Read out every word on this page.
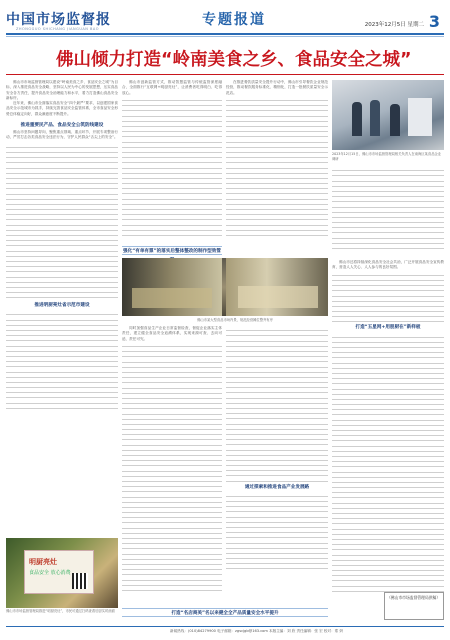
中国市场监督报
ZHONGGUO SHICHANG JIANGUAN BAO
专题报道	2023年12月5日 星期二 3
佛山倾力打造“岭南美食之乡、食品安全之城”

佛山市市场监督管理局以建设“岭南美食之乡、食品安全之城”为目标，深入推进食品安全战略，坚持以人民为中心的发展思想，压实食品安全各方责任，提升食品安全治理能力和水平，着力打造佛山食品安全新标杆。

近年来，佛山市全面落实食品安全“四个最严”要求，以创建国家食品安全示范城市为抓手，持续完善食品安全监管体系，全市食品安全形势总体稳定向好，群众满意度不断提升。

推进重要民产品、食品安全公筑防线建设

佛山市坚持问题导向，聚焦重点领域、重点环节，开展专项整治行动，严厉打击各类食品安全违法行为，守护人民群众“舌尖上的安全”。

推进明厨亮灶省示范市建设
明厨亮灶
食品安全 放心消费
佛山市市场监督管理局推进“明厨亮灶”，市民可通过扫码查看后厨实时画面

佛山市创新监管方式，推动智慧监管与传统监管深度融合，全面推行“互联网+明厨亮灶”，让消费者吃得明白、吃得放心。

在推进餐饮质量安全提升行动中，佛山市引导餐饮企业规范经营，推动餐饮服务标准化、精细化，打造一批餐饮质量安全示范店。

2023年12月15日，佛山市市场监督管理局相关负责人在南海区某食品企业调研
强化“有单有票”的落实后整体整改的制作型效管
佛山市某大型食品市场内景，规范经营摊位整齐有序

同时加强食品生产企业日常监督检查，督促企业落实主体责任，建立健全食品安全追溯体系，实现来源可查、去向可追、责任可究。

通过探索和推进食品产业发展路
打造“名店商美”名以来健全全产品质量安全水平提升

佛山市还将持续深化食品安全社会共治，广泛开展食品安全宣传教育，营造人人关心、人人参与的良好氛围。

打造“五星网+用朋厨在”新样板
（佛山市市场监督管理局供稿）
新闻热线：(010)84279900 电子邮箱：zgscjgb@163.com 本版主编：刘 欣 责任编辑：张 宏 校对：郑 妍
